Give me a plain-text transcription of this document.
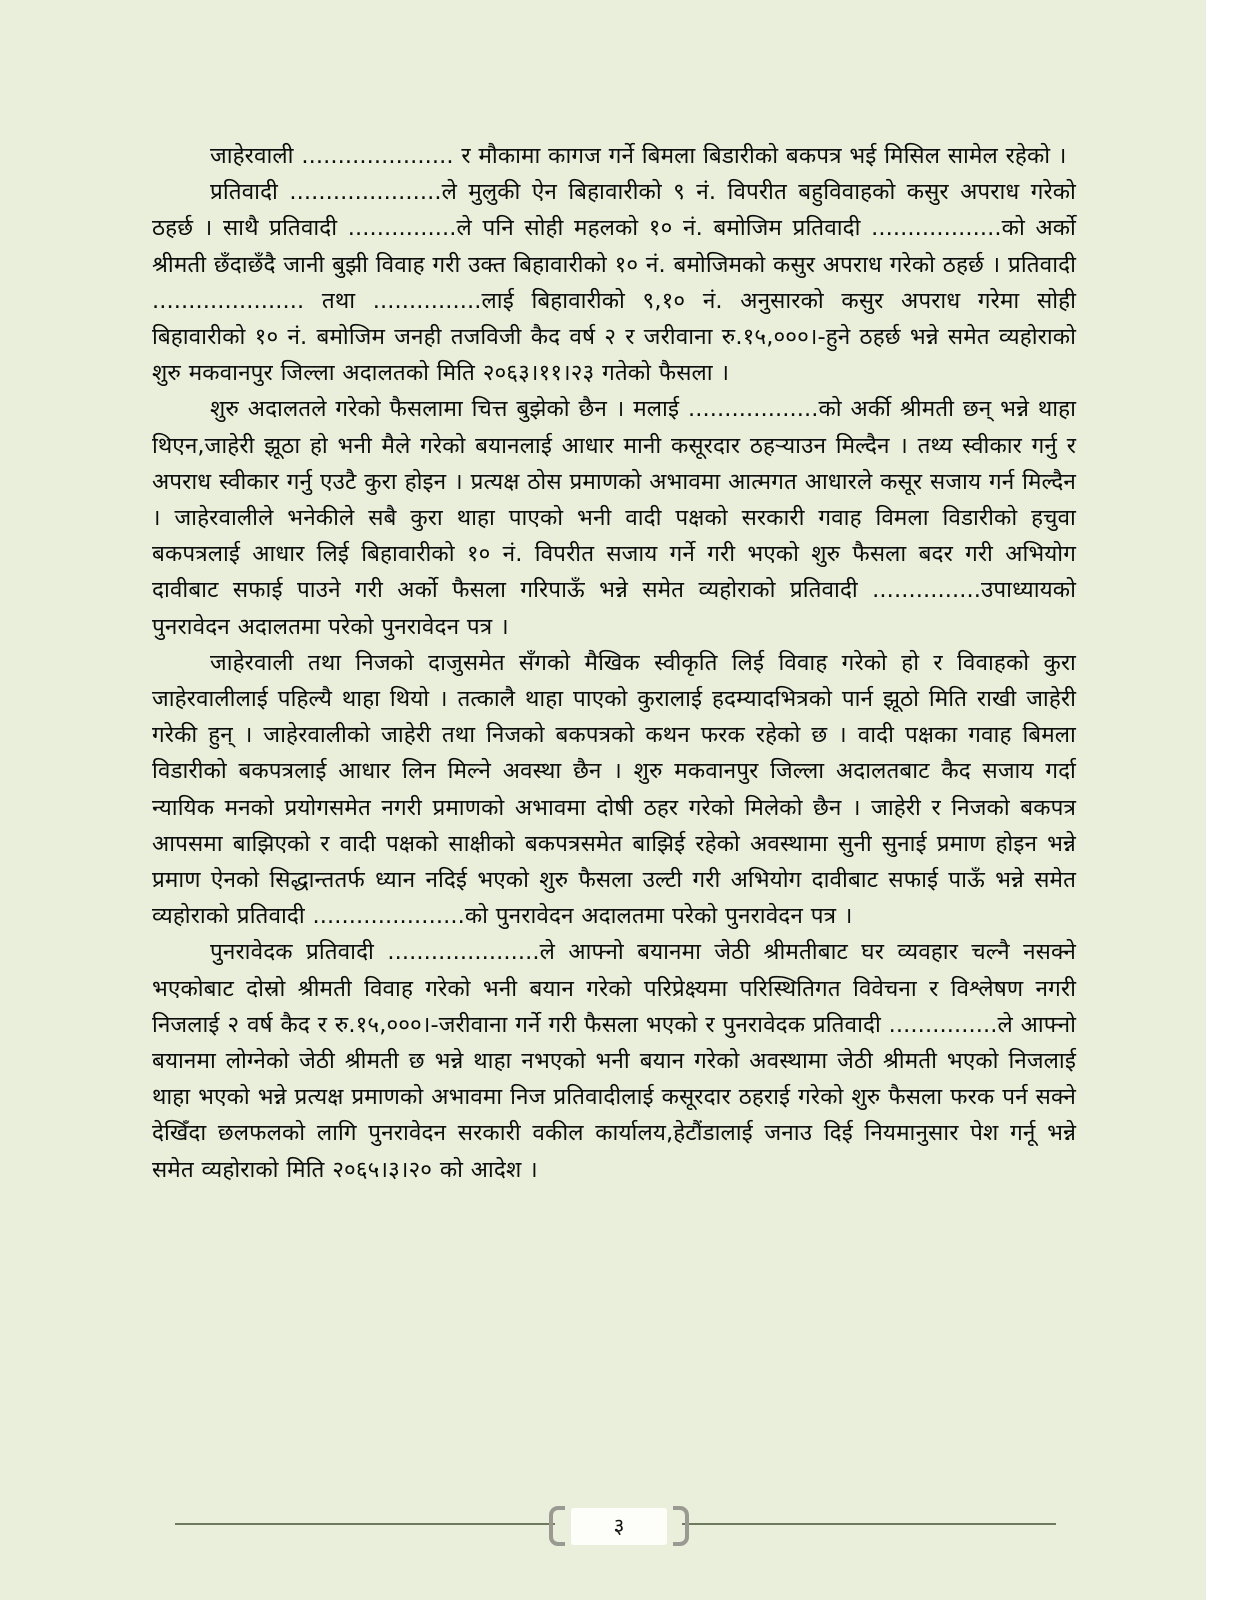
जाहेरवाली ..................... र मौकामा कागज गर्ने बिमला बिडारीको बकपत्र भई मिसिल सामेल रहेको ।

प्रतिवादी .....................ले मुलुकी ऐन बिहावारीको ९ नं. विपरीत बहुविवाहको कसुर अपराध गरेको ठहर्छ । साथै प्रतिवादी ...............ले पनि सोही महलको १० नं. बमोजिम प्रतिवादी ..................को अर्को श्रीमती छँदाछँदै जानी बुझी विवाह गरी उक्त बिहावारीको १० नं. बमोजिमको कसुर अपराध गरेको ठहर्छ । प्रतिवादी ..................... तथा ...............लाई बिहावारीको ९,१० नं. अनुसारको कसुर अपराध गरेमा सोही बिहावारीको १० नं. बमोजिम जनही तजविजी कैद वर्ष २ र जरीवाना रु.१५,०००।‑हुने ठहर्छ भन्ने समेत व्यहोराको शुरु मकवानपुर जिल्ला अदालतको मिति २०६३।११।२३ गतेको फैसला ।

शुरु अदालतले गरेको फैसलामा चित्त बुझेको छैन । मलाई ..................को अर्की श्रीमती छन् भन्ने थाहा थिएन,जाहेरी झूठा हो भनी मैले गरेको बयानलाई आधार मानी कसूरदार ठहऱ्याउन मिल्दैन । तथ्य स्वीकार गर्नु र अपराध स्वीकार गर्नु एउटै कुरा होइन । प्रत्यक्ष ठोस प्रमाणको अभावमा आत्मगत आधारले कसूर सजाय गर्न मिल्दैन । जाहेरवालीले भनेकीले सबै कुरा थाहा पाएको भनी वादी पक्षको सरकारी गवाह विमला विडारीको हचुवा बकपत्रलाई आधार लिई बिहावारीको १० नं. विपरीत सजाय गर्ने गरी भएको शुरु फैसला बदर गरी अभियोग दावीबाट सफाई पाउने गरी अर्को फैसला गरिपाऊँ भन्ने समेत व्यहोराको प्रतिवादी ...............उपाध्यायको पुनरावेदन अदालतमा परेको पुनरावेदन पत्र ।

जाहेरवाली तथा निजको दाजुसमेत सँगको मैखिक स्वीकृति लिई विवाह गरेको हो र विवाहको कुरा जाहेरवालीलाई पहिल्यै थाहा थियो । तत्कालै थाहा पाएको कुरालाई हदम्यादभित्रको पार्न झूठो मिति राखी जाहेरी गरेकी हुन् । जाहेरवालीको जाहेरी तथा निजको बकपत्रको कथन फरक रहेको छ । वादी पक्षका गवाह बिमला विडारीको बकपत्रलाई आधार लिन मिल्ने अवस्था छैन । शुरु मकवानपुर जिल्ला अदालतबाट कैद सजाय गर्दा न्यायिक मनको प्रयोगसमेत नगरी प्रमाणको अभावमा दोषी ठहर गरेको मिलेको छैन । जाहेरी र निजको बकपत्र आपसमा बाझिएको र वादी पक्षको साक्षीको बकपत्रसमेत बाझिई रहेको अवस्थामा सुनी सुनाई प्रमाण होइन भन्ने प्रमाण ऐनको सिद्धान्ततर्फ ध्यान नदिई भएको शुरु फैसला उल्टी गरी अभियोग दावीबाट सफाई पाऊँ भन्ने समेत व्यहोराको प्रतिवादी .....................को पुनरावेदन अदालतमा परेको पुनरावेदन पत्र ।

पुनरावेदक प्रतिवादी .....................ले आफ्नो बयानमा जेठी श्रीमतीबाट घर व्यवहार चल्नै नसक्ने भएकोबाट दोस्रो श्रीमती विवाह गरेको भनी बयान गरेको परिप्रेक्ष्यमा परिस्थितिगत विवेचना र विश्लेषण नगरी निजलाई २ वर्ष कैद र रु.१५,०००।‑जरीवाना गर्ने गरी फैसला भएको र पुनरावेदक प्रतिवादी ...............ले आफ्नो बयानमा लोग्नेको जेठी श्रीमती छ भन्ने थाहा नभएको भनी बयान गरेको अवस्थामा जेठी श्रीमती भएको निजलाई थाहा भएको भन्ने प्रत्यक्ष प्रमाणको अभावमा निज प्रतिवादीलाई कसूरदार ठहराई गरेको शुरु फैसला फरक पर्न सक्ने देखिँदा छलफलको लागि पुनरावेदन सरकारी वकील कार्यालय,हेटौंडालाई जनाउ दिई नियमानुसार पेश गर्नू भन्ने समेत व्यहोराको मिति २०६५।३।२० को आदेश ।

३
